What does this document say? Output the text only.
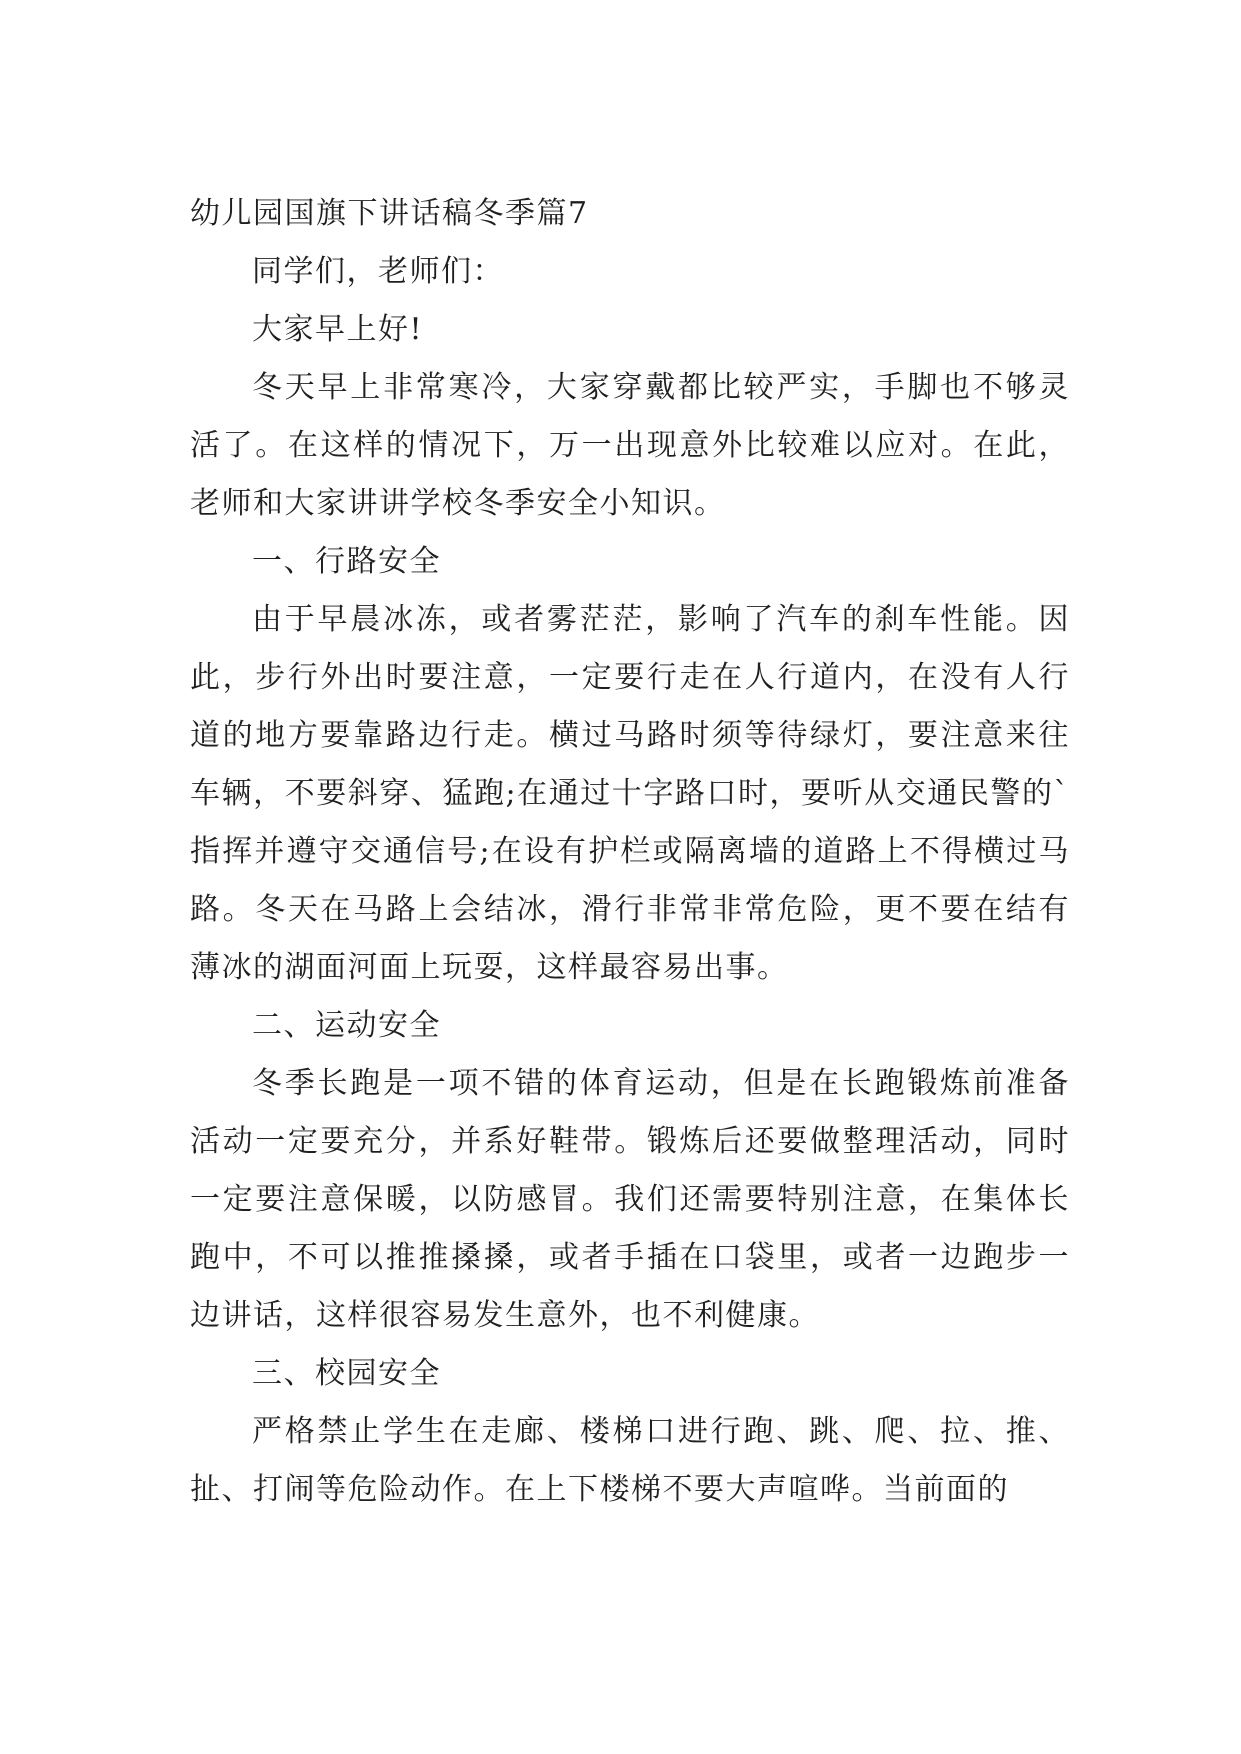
幼儿园国旗下讲话稿冬季篇7

同学们，老师们：

大家早上好!

冬天早上非常寒冷，大家穿戴都比较严实，手脚也不够灵活了。在这样的情况下，万一出现意外比较难以应对。在此，老师和大家讲讲学校冬季安全小知识。

一、行路安全

由于早晨冰冻，或者雾茫茫，影响了汽车的刹车性能。因此，步行外出时要注意，一定要行走在人行道内，在没有人行道的地方要靠路边行走。横过马路时须等待绿灯，要注意来往车辆，不要斜穿、猛跑;在通过十字路口时，要听从交通民警的`指挥并遵守交通信号;在设有护栏或隔离墙的道路上不得横过马路。冬天在马路上会结冰，滑行非常非常危险，更不要在结有薄冰的湖面河面上玩耍，这样最容易出事。

二、运动安全

冬季长跑是一项不错的体育运动，但是在长跑锻炼前准备活动一定要充分，并系好鞋带。锻炼后还要做整理活动，同时一定要注意保暖，以防感冒。我们还需要特别注意，在集体长跑中，不可以推推搡搡，或者手插在口袋里，或者一边跑步一边讲话，这样很容易发生意外，也不利健康。

三、校园安全

严格禁止学生在走廊、楼梯口进行跑、跳、爬、拉、推、扯、打闹等危险动作。在上下楼梯不要大声喧哗。当前面的
